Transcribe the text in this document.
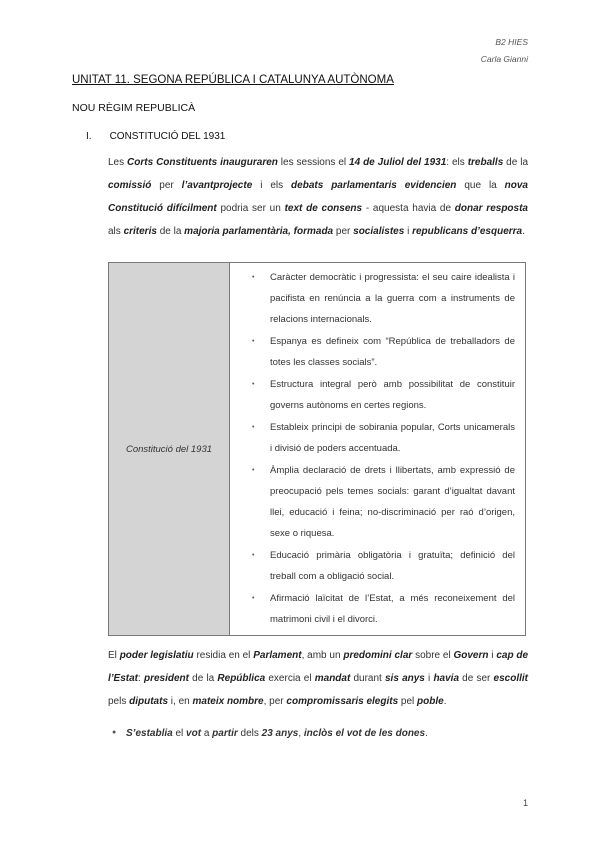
B2 HIES
Carla Gianni
UNITAT 11. SEGONA REPÚBLICA I CATALUNYA AUTÒNOMA
NOU RÈGIM REPUBLICÀ
I. CONSTITUCIÓ DEL 1931
Les Corts Constituents inauguraren les sessions el 14 de Juliol del 1931: els treballs de la comissió per l’avantprojecte i els debats parlamentaris evidencien que la nova Constitució difícilment podria ser un text de consens - aquesta havia de donar resposta als criteris de la majoria parlamentària, formada per socialistes i republicans d’esquerra.
Constitució del 1931	
• Caràcter democràtic i progressista: el seu caire idealista i pacifista en renúncia a la guerra com a instruments de relacions internacionals.
• Espanya es defineix com “República de treballadors de totes les classes socials”.
• Estructura integral però amb possibilitat de constituir governs autònoms en certes regions.
• Estableix principi de sobirania popular, Corts unicamerals i divisió de poders accentuada.
• Àmplia declaració de drets i llibertats, amb expressió de preocupació pels temes socials: garant d’igualtat davant llei, educació i feina; no-discriminació per raó d’origen, sexe o riquesa.
• Educació primària obligatòria i gratuïta; definició del treball com a obligació social.
• Afirmació laïcitat de l’Estat, a més reconeixement del matrimoni civil i el divorci.
El poder legislatiu residia en el Parlament, amb un predomini clar sobre el Govern i cap de l’Estat: president de la República exercia el mandat durant sis anys i havia de ser escollit pels diputats i, en mateix nombre, per compromissaris elegits pel poble.
● S’establia el vot a partir dels 23 anys, inclòs el vot de les dones.
1
